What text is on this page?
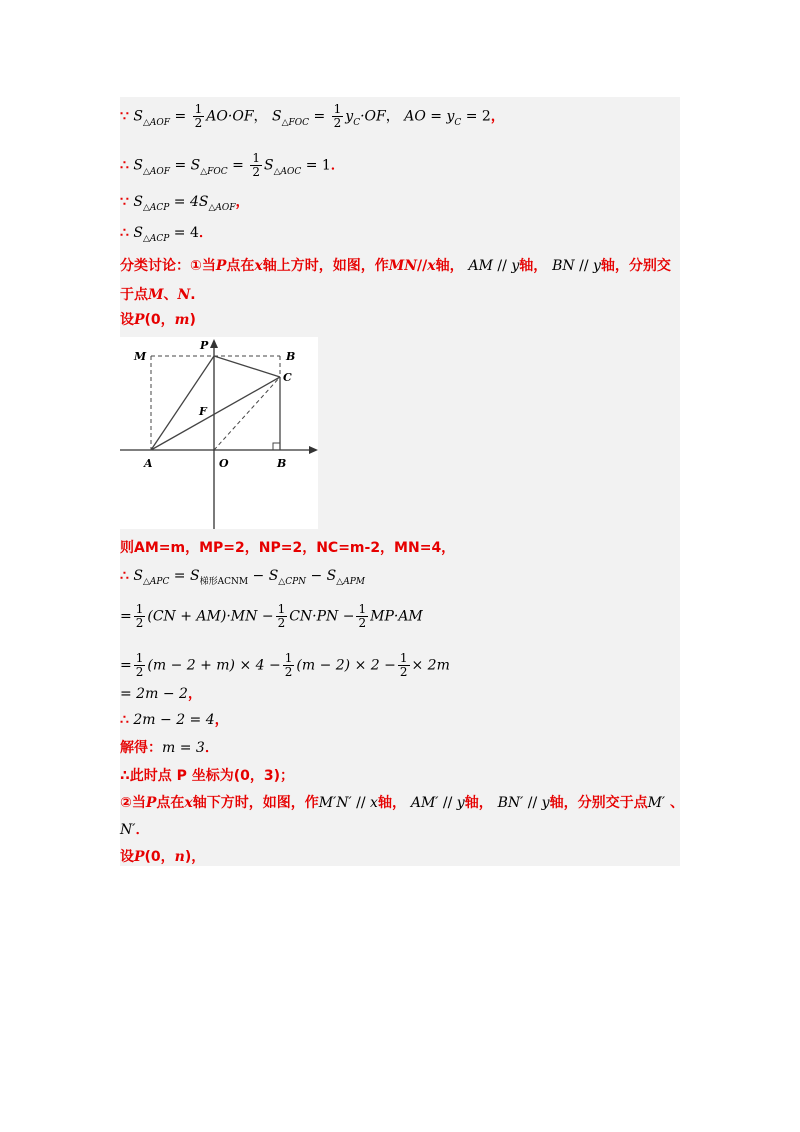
∵ $S_{\triangle AOF} = \frac{1}{2} AO\cdot OF$， $S_{\triangle FOC} = \frac{1}{2} y_C\cdot OF$， AO = $y_C = 2$，
∴ $S_{\triangle AOF} = S_{\triangle FOC} = \frac{1}{2} S_{\triangle AOC} = 1$．
∵ $S_{\triangle ACP} = 4S_{\triangle AOF}$，
∴ $S_{\triangle ACP} = 4$．
分类讨论：①当P点在x轴上方时，如图，作MN//x轴， AM // y轴， BN // y轴，分别交
于点M、N.
设P(0，m)
P
M	B
C
F
A	O	B
则AM=m，MP=2，NP=2，NC=m-2，MN=4，
∴ $S_{\triangle APC} = S_{梯形ACNM} - S_{\triangle CPN} - S_{\triangle APM}$
= $\frac{1}{2} (CN + AM)\cdot MN - \frac{1}{2} CN\cdot PN - \frac{1}{2} MP\cdot AM$
= $\frac{1}{2} (m - 2 + m) \times 4 - \frac{1}{2} (m - 2) \times 2 - \frac{1}{2} \times 2m$
= 2m − 2，
∴ 2m − 2 = 4，
解得：m = 3．
∴此时点 P 坐标为(0，3)；
②当P点在x轴下方时，如图，作M′N′ // x轴， AM′ // y轴， BN′ // y轴，分别交于点M′ 、
N′．
设P(0，n)，
